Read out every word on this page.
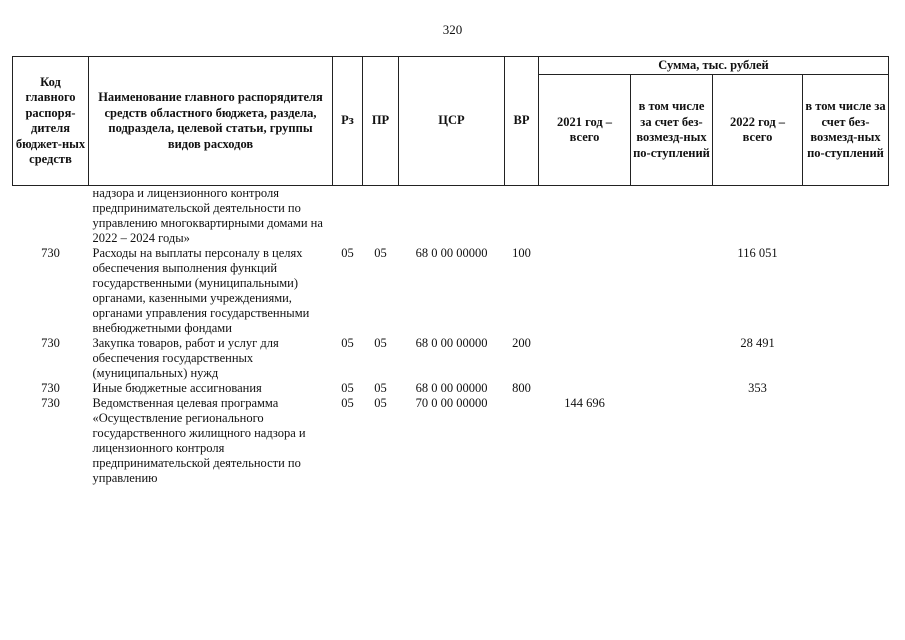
320
Код главного распоря-дителя бюджет-ных средств	Наименование главного распорядителя средств областного бюджета, раздела, подраздела, целевой статьи, группы видов расходов	Рз	ПР	ЦСР	ВР	Сумма, тыс. рублей			
						2021 год – всего	в том числе за счет без-возмезд-ных по-ступлений	2022 год – всего	в том числе за счет без-возмезд-ных по-ступлений
	надзора и лицензионного контроля предпринимательской деятельности по управлению многоквартирными домами на 2022 – 2024 годы»								
730	Расходы на выплаты персоналу в целях обеспечения выполнения функций государственными (муниципальными) органами, казенными учреждениями, органами управления государственными внебюджетными фондами	05	05	68 0 00 00000	100			116 051	
730	Закупка товаров, работ и услуг для обеспечения государственных (муниципальных) нужд	05	05	68 0 00 00000	200			28 491	
730	Иные бюджетные ассигнования	05	05	68 0 00 00000	800			353	
730	Ведомственная целевая программа «Осуществление регионального государственного жилищного надзора и лицензионного контроля предпринимательской деятельности по управлению	05	05	70 0 00 00000		144 696			
